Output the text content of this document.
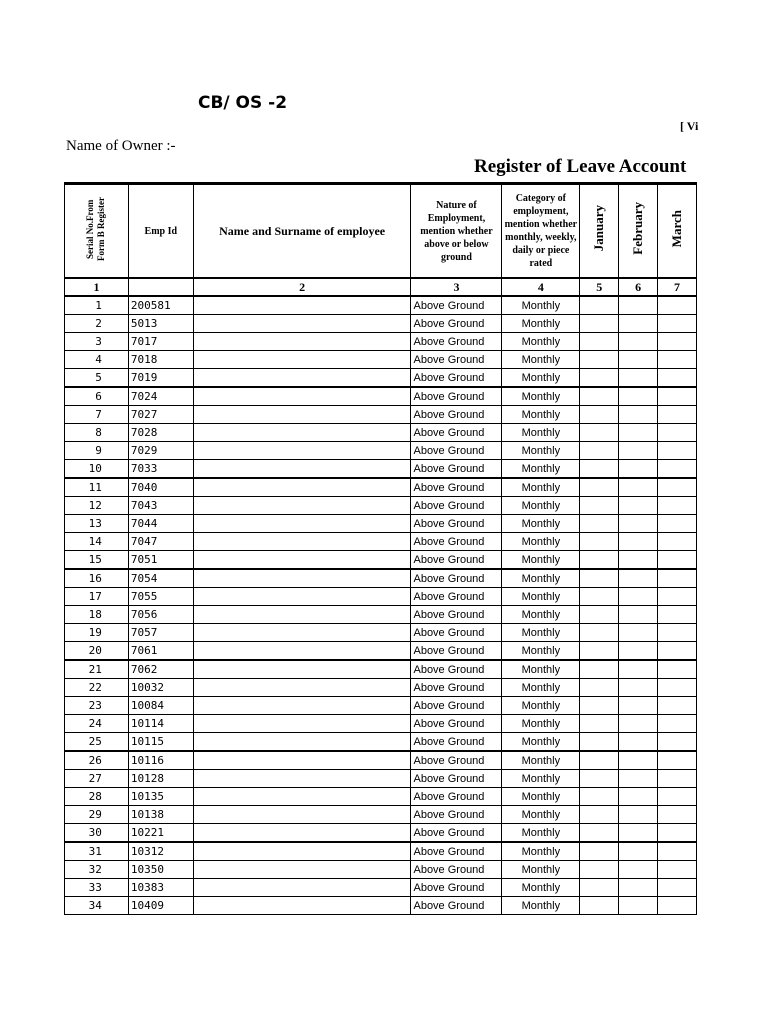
CB/ OS -2
[ Vi
Name of Owner :-
Register of Leave Account
Serial No.From Form B Register	Emp Id	Name and Surname of employee	Nature of Employment, mention whether above or below ground	Category of employment, mention whether monthly, weekly, daily or piece rated	January	February	March
1		2	3	4	5	6	7
1	200581		Above Ground	Monthly			
2	5013		Above Ground	Monthly			
3	7017		Above Ground	Monthly			
4	7018		Above Ground	Monthly			
5	7019		Above Ground	Monthly			
6	7024		Above Ground	Monthly			
7	7027		Above Ground	Monthly			
8	7028		Above Ground	Monthly			
9	7029		Above Ground	Monthly			
10	7033		Above Ground	Monthly			
11	7040		Above Ground	Monthly			
12	7043		Above Ground	Monthly			
13	7044		Above Ground	Monthly			
14	7047		Above Ground	Monthly			
15	7051		Above Ground	Monthly			
16	7054		Above Ground	Monthly			
17	7055		Above Ground	Monthly			
18	7056		Above Ground	Monthly			
19	7057		Above Ground	Monthly			
20	7061		Above Ground	Monthly			
21	7062		Above Ground	Monthly			
22	10032		Above Ground	Monthly			
23	10084		Above Ground	Monthly			
24	10114		Above Ground	Monthly			
25	10115		Above Ground	Monthly			
26	10116		Above Ground	Monthly			
27	10128		Above Ground	Monthly			
28	10135		Above Ground	Monthly			
29	10138		Above Ground	Monthly			
30	10221		Above Ground	Monthly			
31	10312		Above Ground	Monthly			
32	10350		Above Ground	Monthly			
33	10383		Above Ground	Monthly			
34	10409		Above Ground	Monthly			
